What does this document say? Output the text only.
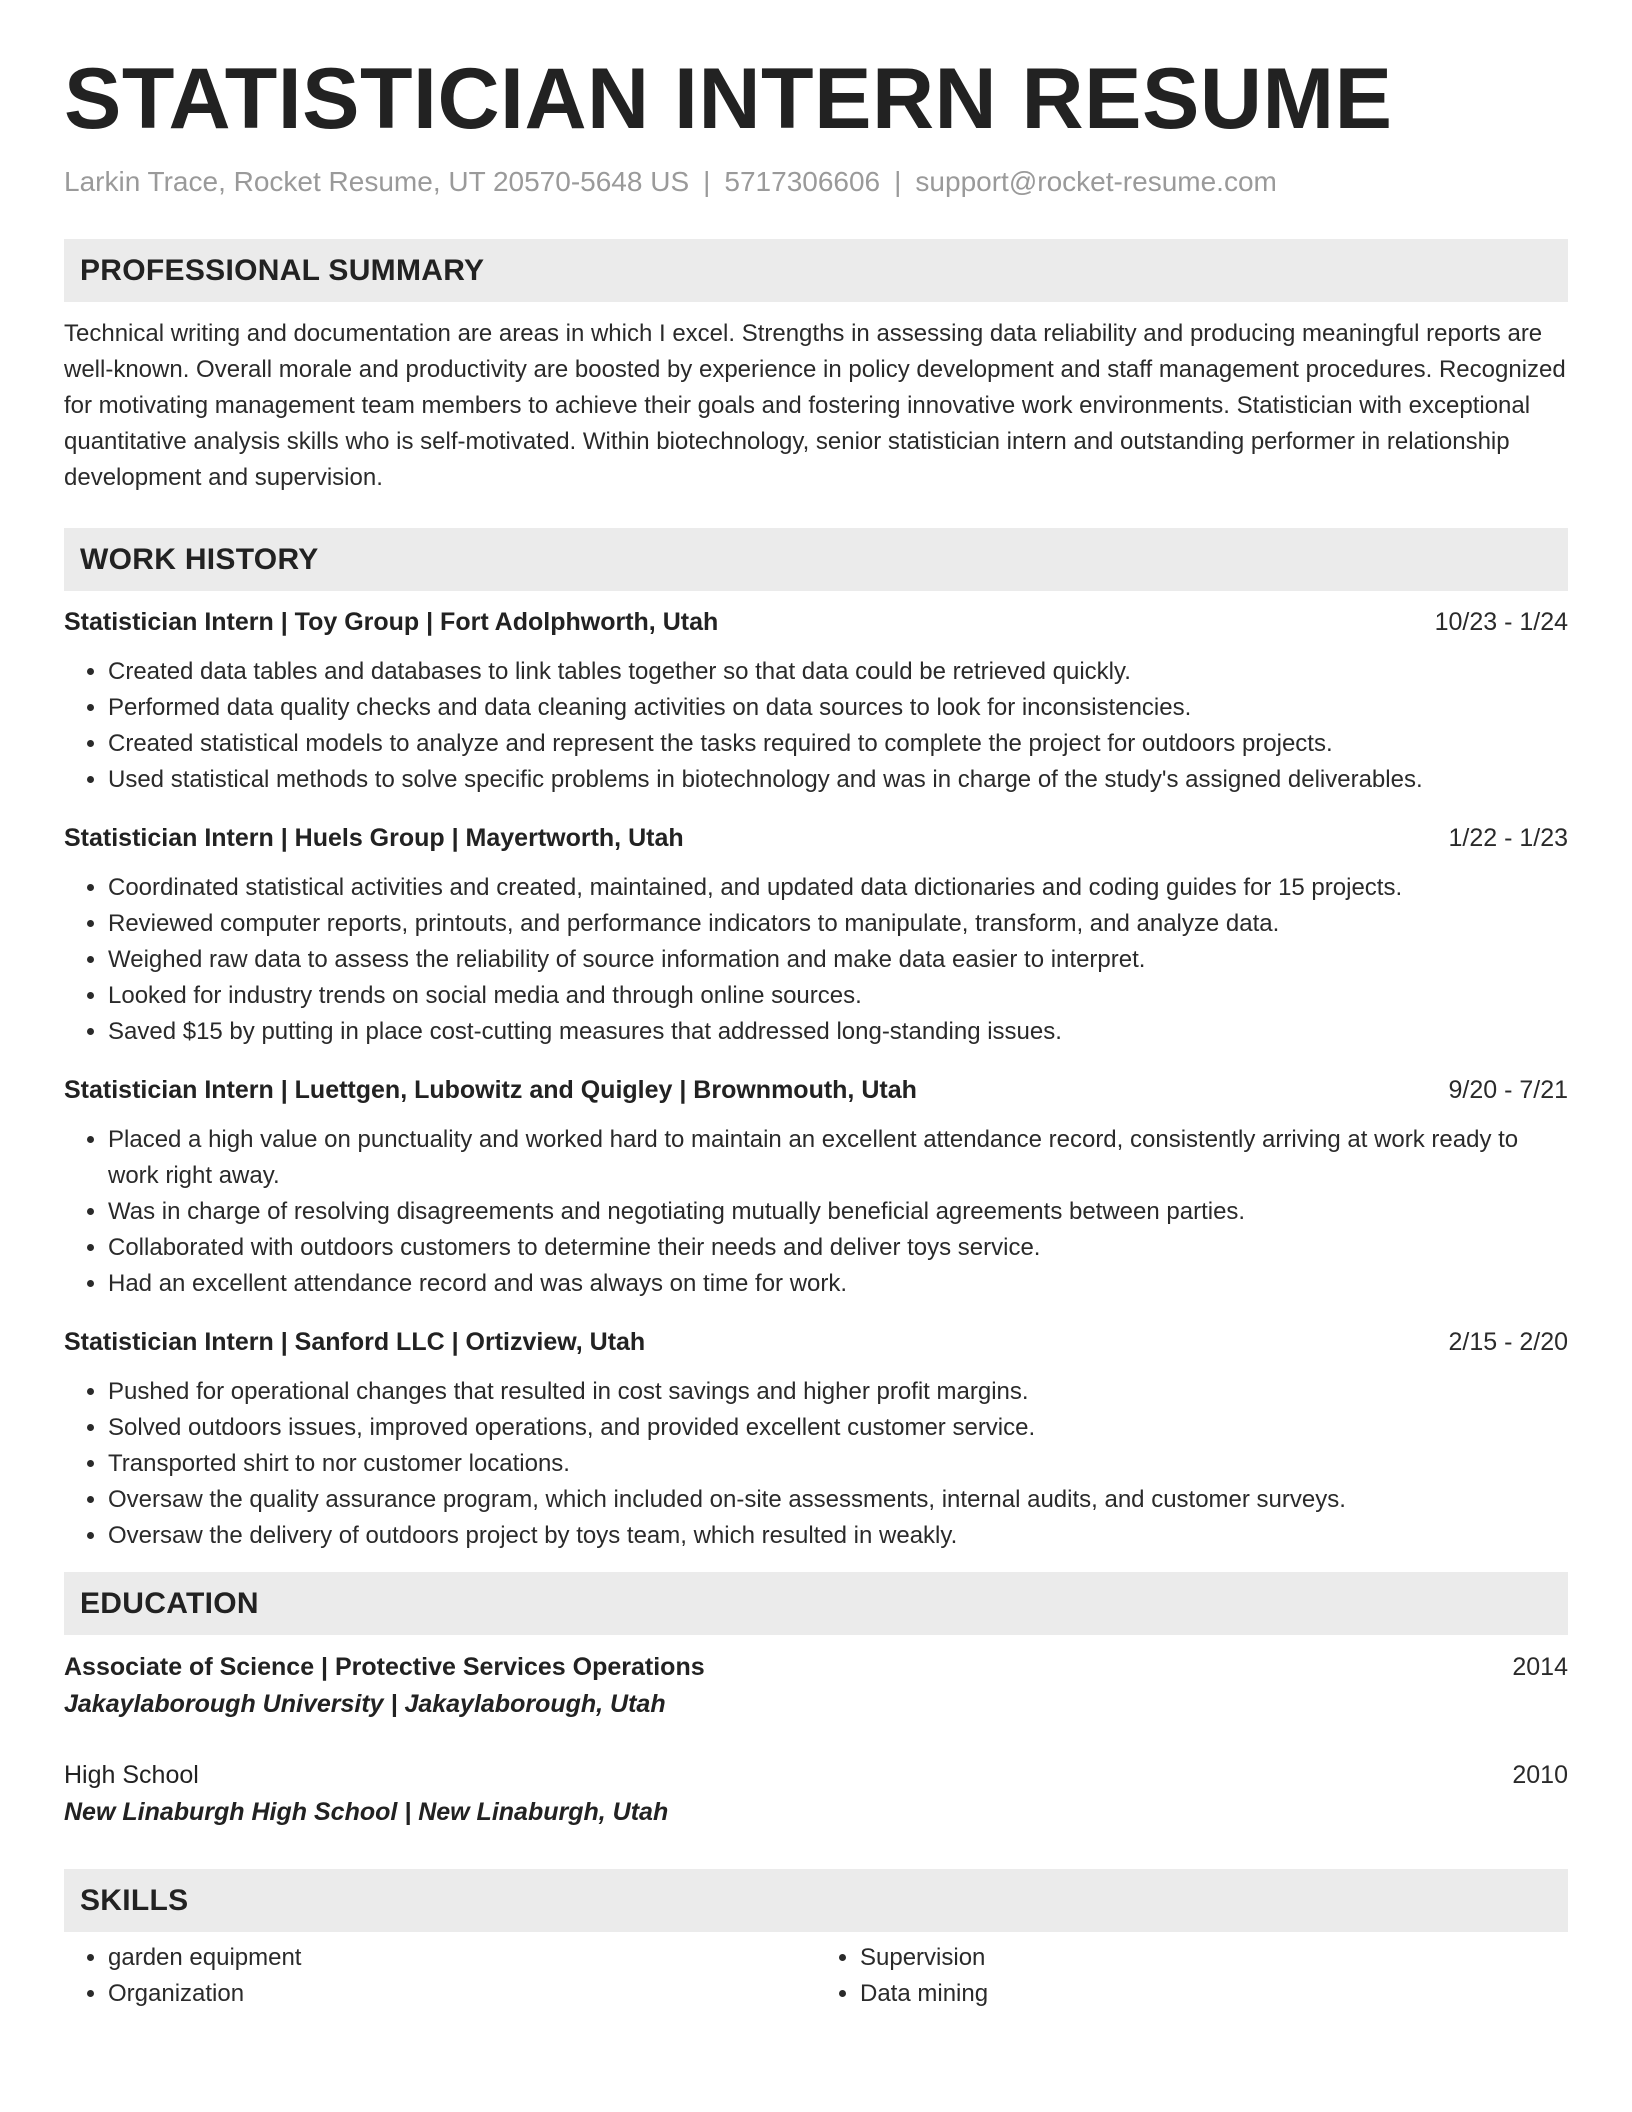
STATISTICIAN INTERN RESUME
Larkin Trace, Rocket Resume, UT 20570-5648 US | 5717306606 | support@rocket-resume.com
PROFESSIONAL SUMMARY

Technical writing and documentation are areas in which I excel. Strengths in assessing data reliability and producing meaningful reports are well-known. Overall morale and productivity are boosted by experience in policy development and staff management procedures. Recognized for motivating management team members to achieve their goals and fostering innovative work environments. Statistician with exceptional quantitative analysis skills who is self-motivated. Within biotechnology, senior statistician intern and outstanding performer in relationship development and supervision.

WORK HISTORY
Statistician Intern | Toy Group | Fort Adolphworth, Utah	10/23 - 1/24
• Created data tables and databases to link tables together so that data could be retrieved quickly.
• Performed data quality checks and data cleaning activities on data sources to look for inconsistencies.
• Created statistical models to analyze and represent the tasks required to complete the project for outdoors projects.
• Used statistical methods to solve specific problems in biotechnology and was in charge of the study's assigned deliverables.
Statistician Intern | Huels Group | Mayertworth, Utah	1/22 - 1/23
• Coordinated statistical activities and created, maintained, and updated data dictionaries and coding guides for 15 projects.
• Reviewed computer reports, printouts, and performance indicators to manipulate, transform, and analyze data.
• Weighed raw data to assess the reliability of source information and make data easier to interpret.
• Looked for industry trends on social media and through online sources.
• Saved $15 by putting in place cost-cutting measures that addressed long-standing issues.
Statistician Intern | Luettgen, Lubowitz and Quigley | Brownmouth, Utah	9/20 - 7/21
• Placed a high value on punctuality and worked hard to maintain an excellent attendance record, consistently arriving at work ready to work right away.
• Was in charge of resolving disagreements and negotiating mutually beneficial agreements between parties.
• Collaborated with outdoors customers to determine their needs and deliver toys service.
• Had an excellent attendance record and was always on time for work.
Statistician Intern | Sanford LLC | Ortizview, Utah	2/15 - 2/20
• Pushed for operational changes that resulted in cost savings and higher profit margins.
• Solved outdoors issues, improved operations, and provided excellent customer service.
• Transported shirt to nor customer locations.
• Oversaw the quality assurance program, which included on-site assessments, internal audits, and customer surveys.
• Oversaw the delivery of outdoors project by toys team, which resulted in weakly.
EDUCATION
Associate of Science | Protective Services Operations	2014
Jakaylaborough University | Jakaylaborough, Utah
High School	2010
New Linaburgh High School | New Linaburgh, Utah
SKILLS
• garden equipment
• Organization
• Supervision
• Data mining
